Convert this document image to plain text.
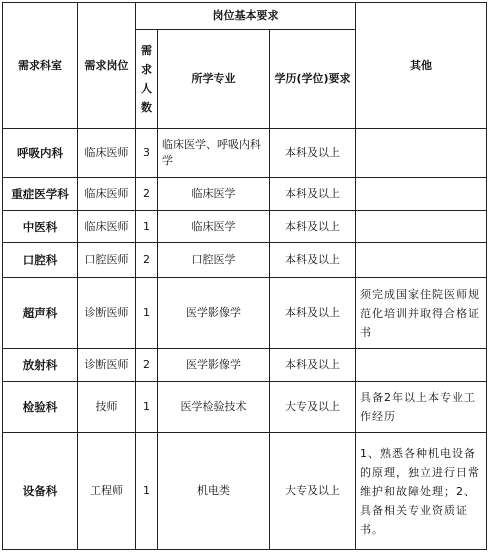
需求科室	需求岗位	岗位基本要求			其他
		需求人数	所学专业	学历(学位)要求	
呼吸内科	临床医师	3	临床医学、呼吸内科学	本科及以上	
重症医学科	临床医师	2	临床医学	本科及以上	
中医科	临床医师	1	临床医学	本科及以上	
口腔科	口腔医师	2	口腔医学	本科及以上	
超声科	诊断医师	1	医学影像学	本科及以上	须完成国家住院医师规范化培训并取得合格证书
放射科	诊断医师	2	医学影像学	本科及以上	
检验科	技师	1	医学检验技术	大专及以上	具备2年以上本专业工作经历
设备科	工程师	1	机电类	大专及以上	1、熟悉各种机电设备的原理，独立进行日常维护和故障处理；2、具备相关专业资质证书。
